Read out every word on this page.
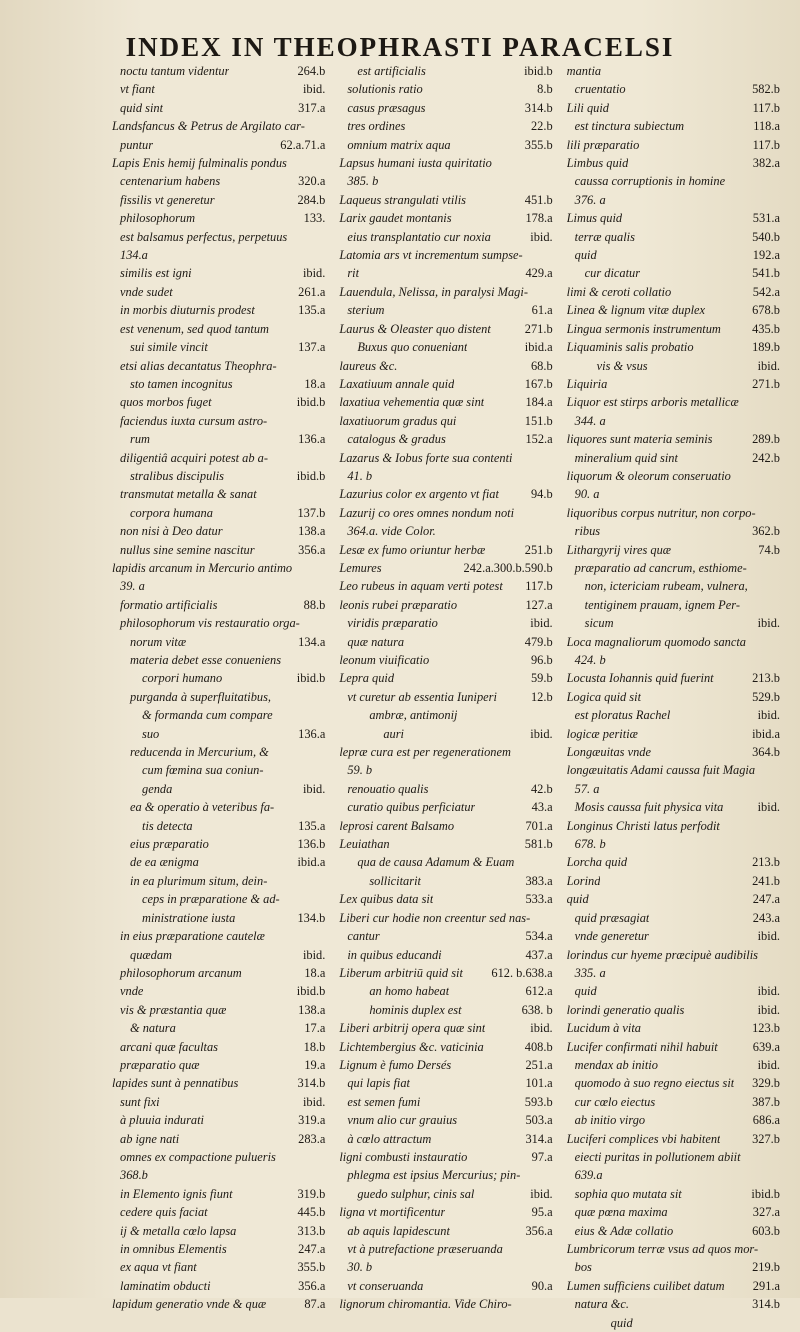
INDEX IN THEOPHRASTI PARACELSI
noctu tantum videntur	264.b
vt fiant	ibid.
quid sint	317.a
Landsfancus & Petrus de Argilato car-
puntur	62.a.71.a
Lapis Enis hemij fulminalis pondus
centenarium habens	320.a
fissilis vt generetur	284.b
philosophorum	133.
est balsamus perfectus, perpetuus
134.a
similis est igni	ibid.
vnde sudet	261.a
in morbis diuturnis prodest	135.a
est venenum, sed quod tantum
sui simile vincit	137.a
etsi alias decantatus Theophra-
sto tamen incognitus	18.a
quos morbos fuget	ibid.b
faciendus iuxta cursum astro-
rum	136.a
diligentiâ acquiri potest ab a-
stralibus discipulis	ibid.b
transmutat metalla & sanat
corpora humana	137.b
non nisi à Deo datur	138.a
nullus sine semine nascitur	356.a
lapidis arcanum in Mercurio antimo
39. a
formatio artificialis	88.b
philosophorum vis restauratio orga-
norum vitæ	134.a
materia debet esse conueniens
corpori humano	ibid.b
purganda à superfluitatibus,
& formanda cum compare
suo	136.a
reducenda in Mercurium, &
cum fœmina sua coniun-
genda	ibid.
ea & operatio à veteribus fa-
tis detecta	135.a
eius præparatio	136.b
de ea ænigma	ibid.a
in ea plurimum situm, dein-
ceps in præparatione & ad-
ministratione iusta	134.b
in eius præparatione cautelæ
quædam	ibid.
philosophorum arcanum	18.a
vnde	ibid.b
vis & præstantia quæ	138.a
& natura	17.a
arcani quæ facultas	18.b
præparatio quæ	19.a
lapides sunt à pennatibus	314.b
sunt fixi	ibid.
à pluuia indurati	319.a
ab igne nati	283.a
omnes ex compactione pulueris
368.b
in Elemento ignis fiunt	319.b
cedere quis faciat	445.b
ij & metalla cœlo lapsa	313.b
in omnibus Elementis	247.a
ex aqua vt fiant	355.b
laminatim obducti	356.a
lapidum generatio vnde & quæ	87.a
est artificialis	ibid.b
solutionis ratio	8.b
casus præsagus	314.b
tres ordines	22.b
omnium matrix aqua	355.b
Lapsus humani iusta quiritatio
385. b
Laqueus strangulati vtilis	451.b
Larix gaudet montanis	178.a
eius transplantatio cur noxia	ibid.
Latomia ars vt incrementum sumpse-
rit	429.a
Lauendula, Nelissa, in paralysi Magi-
sterium	61.a
Laurus & Oleaster quo distent	271.b
Buxus quo conueniant	ibid.a
laureus &c.	68.b
Laxatiuum annale quid	167.b
laxatiua vehementia quæ sint	184.a
laxatiuorum gradus qui	151.b
catalogus & gradus	152.a
Lazarus & Iobus forte sua contenti
41. b
Lazurius color ex argento vt fiat	94.b
Lazurij co ores omnes nondum noti
364.a. vide Color.
Lesæ ex fumo oriuntur herbæ	251.b
Lemures	242.a.300.b.590.b
Leo rubeus in aquam verti potest 117.b
leonis rubei præparatio	127.a
viridis præparatio	ibid.
quæ natura	479.b
leonum viuificatio	96.b
Lepra quid	59.b
vt curetur ab essentia Iuniperi	12.b
ambræ, antimonij
auri	ibid.
lepræ cura est per regenerationem
59. b
renouatio qualis	42.b
curatio quibus perficiatur	43.a
leprosi carent Balsamo	701.a
Leuiathan	581.b
qua de causa Adamum & Euam
sollicitarit	383.a
Lex quibus data sit	533.a
Liberi cur hodie non creentur sed nas-
cantur	534.a
in quibus educandi	437.a
Liberum arbitriū quid sit 612. b.638.a
an homo habeat	612.a
hominis duplex est	638. b
Liberi arbitrij opera quæ sint	ibid.
Lichtembergius &c. vaticinia	408.b
Lignum è fumo Dersés	251.a
qui lapis fiat	101.a
est semen fumi	593.b
vnum alio cur grauius	503.a
à cœlo attractum	314.a
ligni combusti instauratio	97.a
phlegma est ipsius Mercurius; pin-
guedo sulphur, cinis sal	ibid.
ligna vt mortificentur	95.a
ab aquis lapidescunt	356.a
vt à putrefactione præseruanda
30. b
vt conseruanda	90.a
lignorum chiromantia. Vide Chiro-
mantia
cruentatio	582.b
Lili quid	117.b
est tinctura subiectum	118.a
lili præparatio	117.b
Limbus quid	382.a
caussa corruptionis in homine
376. a
Limus quid	531.a
terræ qualis	540.b
quid	192.a
cur dicatur	541.b
limi & ceroti collatio	542.a
Linea & lignum vitæ duplex	678.b
Lingua sermonis instrumentum	435.b
Liquaminis salis probatio	189.b
vis & vsus	ibid.
Liquiria	271.b
Liquor est stirps arboris metallicæ
344. a
liquores sunt materia seminis	289.b
mineralium quid sint	242.b
liquorum & oleorum conseruatio
90. a
liquoribus corpus nutritur, non corpo-
ribus	362.b
Lithargyrij vires quæ	74.b
præparatio ad cancrum, esthiome-
non, ictericiam rubeam, vulnera,
tentiginem prauam, ignem Per-
sicum	ibid.
Loca magnaliorum quomodo sancta
424. b
Locusta Iohannis quid fuerint	213.b
Logica quid sit	529.b
est ploratus Rachel	ibid.
logicæ peritiæ	ibid.a
Longæuitas vnde	364.b
longæuitatis Adami caussa fuit Magia
57. a
Mosis caussa fuit physica vita	ibid.
Longinus Christi latus perfodit
678. b
Lorcha quid	213.b
Lorind	241.b
quid	247.a
quid præsagiat	243.a
vnde generetur	ibid.
lorindus cur hyeme præcipuè audibilis
335. a
quid	ibid.
lorindi generatio qualis	ibid.
Lucidum à vita	123.b
Lucifer confirmati nihil habuit	639.a
mendax ab initio	ibid.
quomodo à suo regno eiectus sit 329.b
cur cœlo eiectus	387.b
ab initio virgo	686.a
Luciferi complices vbi habitent	327.b
eiecti puritas in pollutionem abiit
639.a
sophia quo mutata sit	ibid.b
quæ pœna maxima	327.a
eius & Adæ collatio	603.b
Lumbricorum terræ vsus ad quos mor-
bos	219.b
Lumen sufficiens cuilibet datum 291.a
natura &c.	314.b
quid
